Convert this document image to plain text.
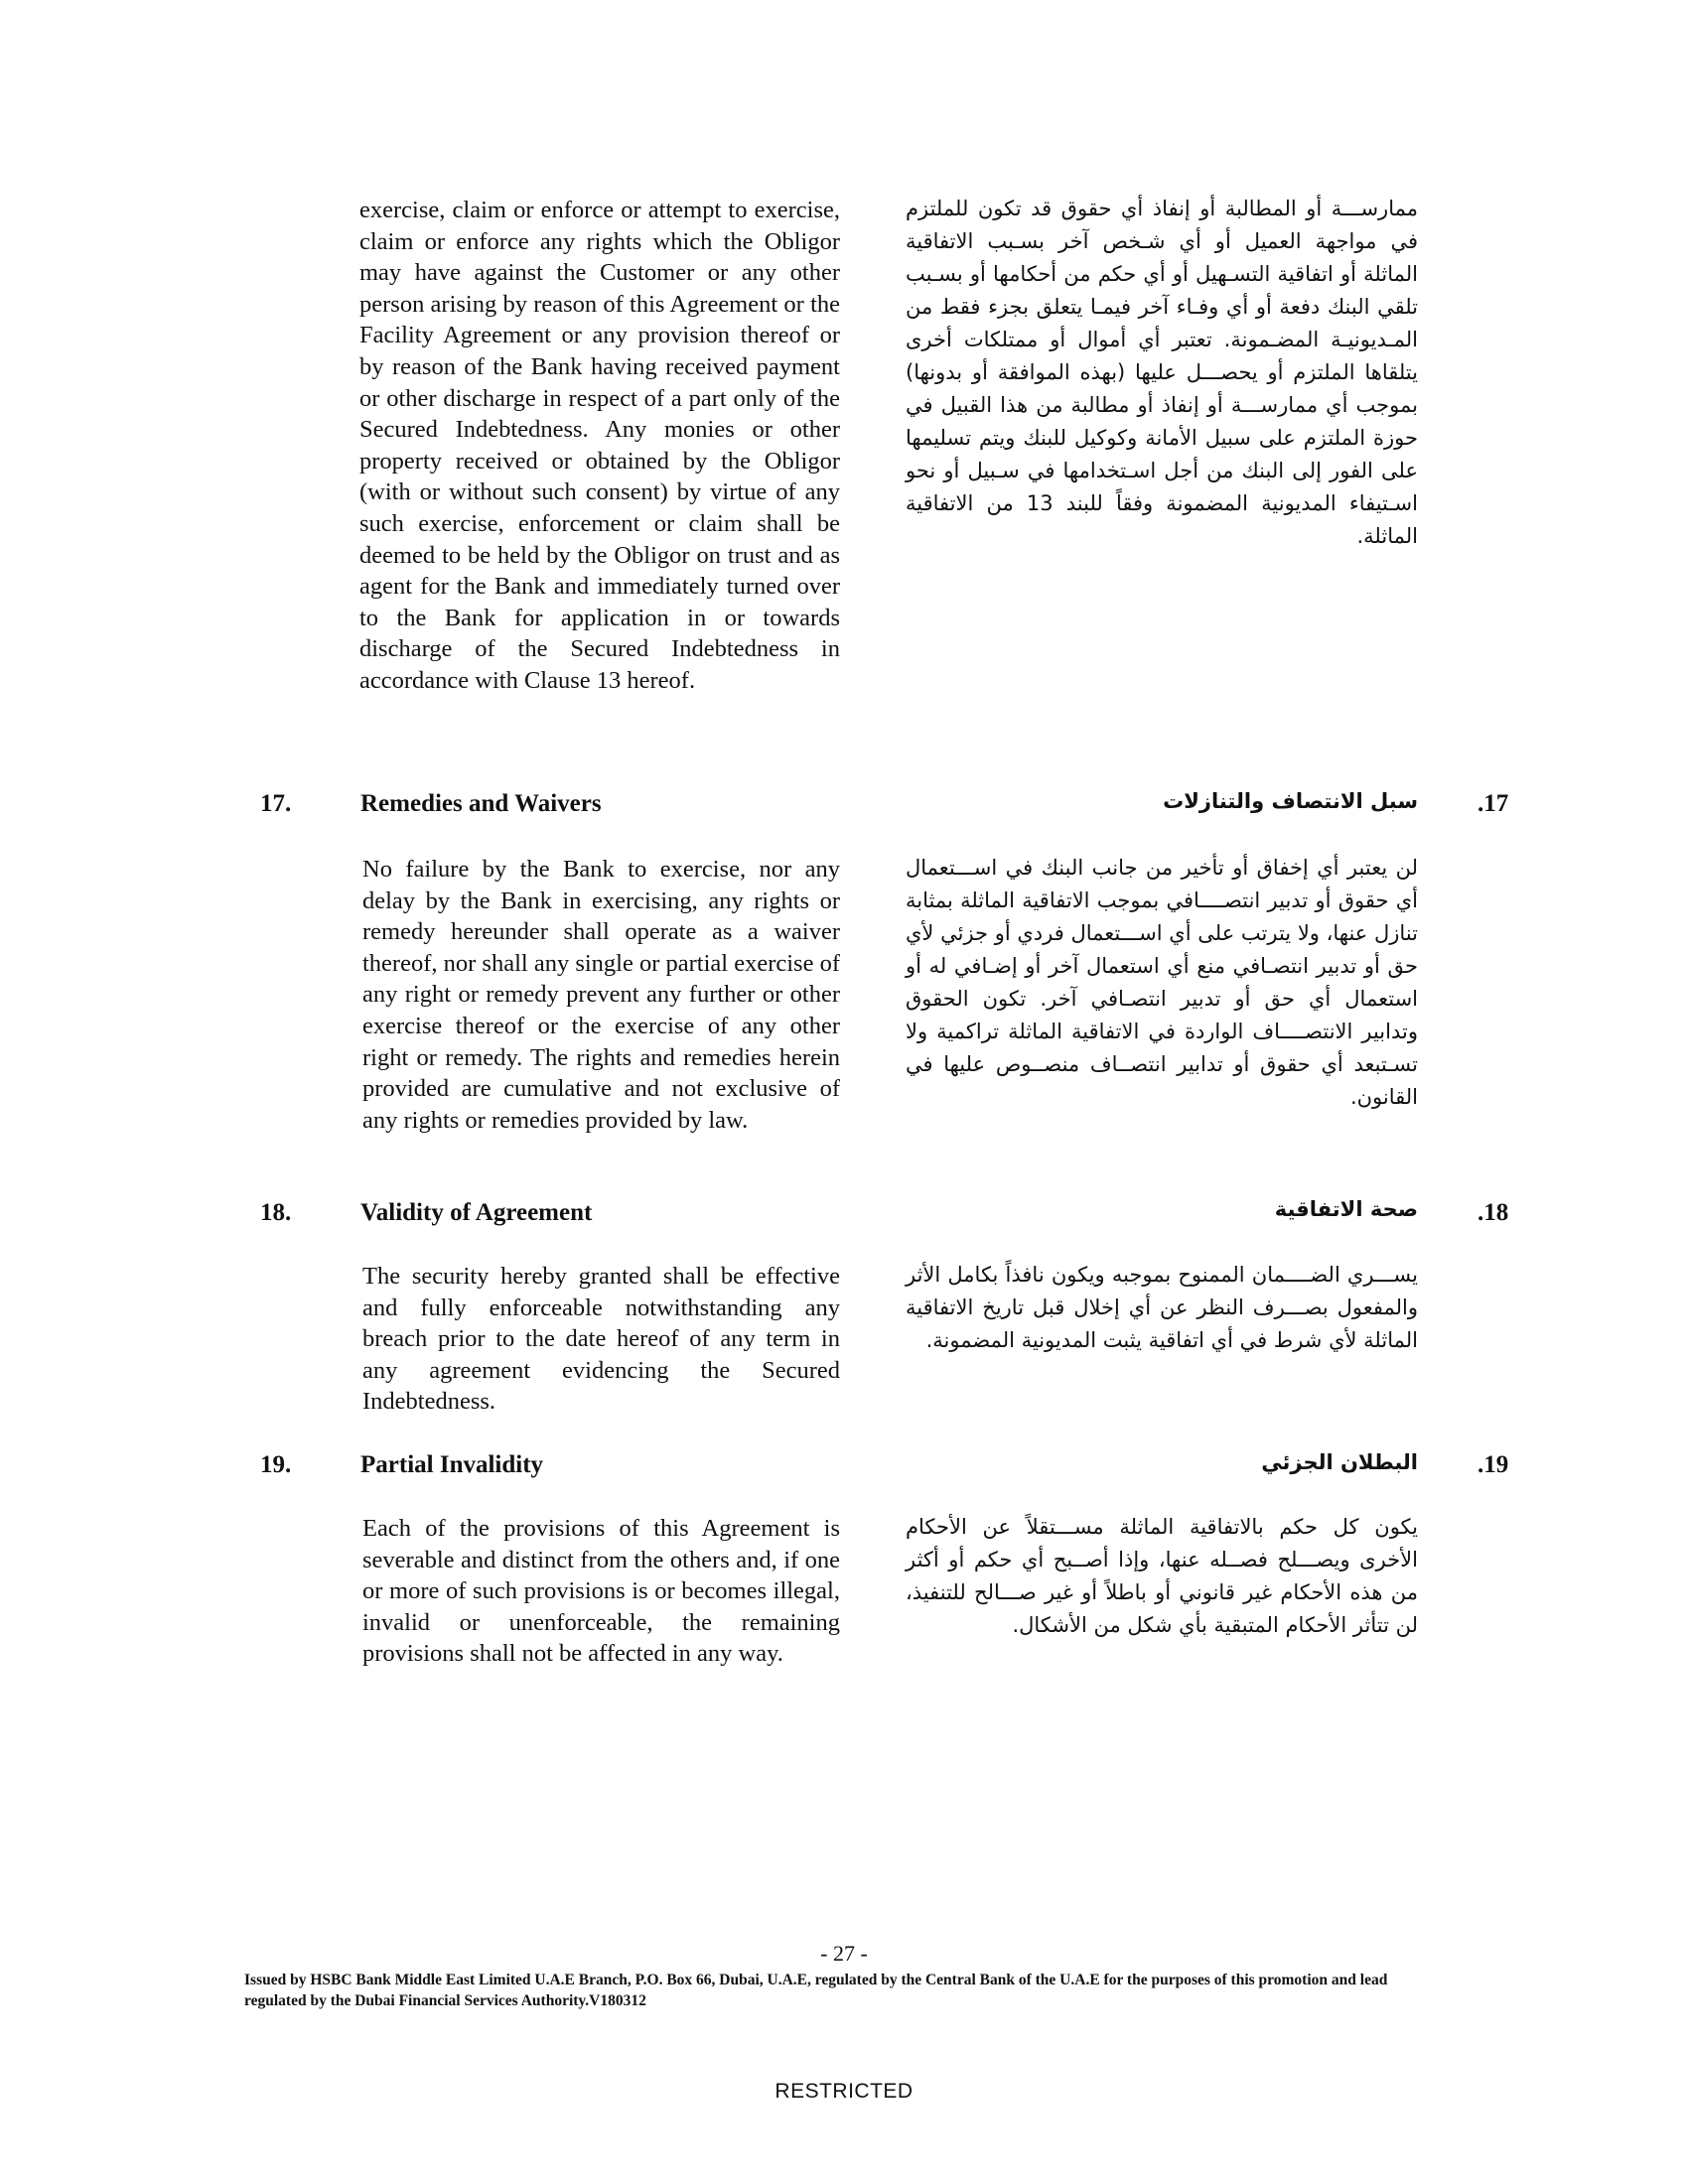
exercise, claim or enforce or attempt to exercise, claim or enforce any rights which the Obligor may have against the Customer or any other person arising by reason of this Agreement or the Facility Agreement or any provision thereof or by reason of the Bank having received payment or other discharge in respect of a part only of the Secured Indebtedness. Any monies or other property received or obtained by the Obligor (with or without such consent) by virtue of any such exercise, enforcement or claim shall be deemed to be held by the Obligor on trust and as agent for the Bank and immediately turned over to the Bank for application in or towards discharge of the Secured Indebtedness in accordance with Clause 13 hereof.
ممارســـة أو المطالبة أو إنفاذ أي حقوق قد تكون للملتزم في مواجهة العميل أو أي شـخص آخر بسـبب الاتفاقية الماثلة أو اتفاقية التسـهيل أو أي حكم من أحكامها أو بسـبب تلقي البنك دفعة أو أي وفـاء آخر فيمـا يتعلق بجزء فقط من المـديونيـة المضـمونة. تعتبر أي أموال أو ممتلكات أخرى يتلقاها الملتزم أو يحصـــل عليها (بهذه الموافقة أو بدونها) بموجب أي ممارســـة أو إنفاذ أو مطالبة من هذا القبيل في حوزة الملتزم على سبيل الأمانة وكوكيل للبنك ويتم تسليمها على الفور إلى البنك من أجل اسـتخدامها في سـبيل أو نحو اسـتيفاء المديونية المضمونة وفقاً للبند 13 من الاتفاقية الماثلة.
17.	Remedies and Waivers	سبل الانتصاف والتنازلات .17
No failure by the Bank to exercise, nor any delay by the Bank in exercising, any rights or remedy hereunder shall operate as a waiver thereof, nor shall any single or partial exercise of any right or remedy prevent any further or other exercise thereof or the exercise of any other right or remedy. The rights and remedies herein provided are cumulative and not exclusive of any rights or remedies provided by law.
لن يعتبر أي إخفاق أو تأخير من جانب البنك في اســـتعمال أي حقوق أو تدبير انتصــــافي بموجب الاتفاقية الماثلة بمثابة تنازل عنها، ولا يترتب على أي اســـتعمال فردي أو جزئي لأي حق أو تدبير انتصـافي منع أي استعمال آخر أو إضـافي له أو استعمال أي حق أو تدبير انتصـافي آخر. تكون الحقوق وتدابير الانتصــــاف الواردة في الاتفاقية الماثلة تراكمية ولا تسـتبعد أي حقوق أو تدابير انتصــاف منصــوص عليها في القانون.
18.	Validity of Agreement	صحة الاتفاقية .18
The security hereby granted shall be effective and fully enforceable notwithstanding any breach prior to the date hereof of any term in any agreement evidencing the Secured Indebtedness.
يســـري الضــــمان الممنوح بموجبه ويكون نافذاً بكامل الأثر والمفعول بصـــرف النظر عن أي إخلال قبل تاريخ الاتفاقية الماثلة لأي شرط في أي اتفاقية يثبت المديونية المضمونة.
19.	Partial Invalidity	البطلان الجزئي .19
Each of the provisions of this Agreement is severable and distinct from the others and, if one or more of such provisions is or becomes illegal, invalid or unenforceable, the remaining provisions shall not be affected in any way.
يكون كل حكم بالاتفاقية الماثلة مســـتقلاً عن الأحكام الأخرى ويصـــلح فصــله عنها، وإذا أصــبح أي حكم أو أكثر من هذه الأحكام غير قانوني أو باطلاً أو غير صـــالح للتنفيذ، لن تتأثر الأحكام المتبقية بأي شكل من الأشكال.
- 27 -
Issued by HSBC Bank Middle East Limited U.A.E Branch, P.O. Box 66, Dubai, U.A.E, regulated by the Central Bank of the U.A.E for the purposes of this promotion and lead regulated by the Dubai Financial Services Authority.V180312
RESTRICTED
